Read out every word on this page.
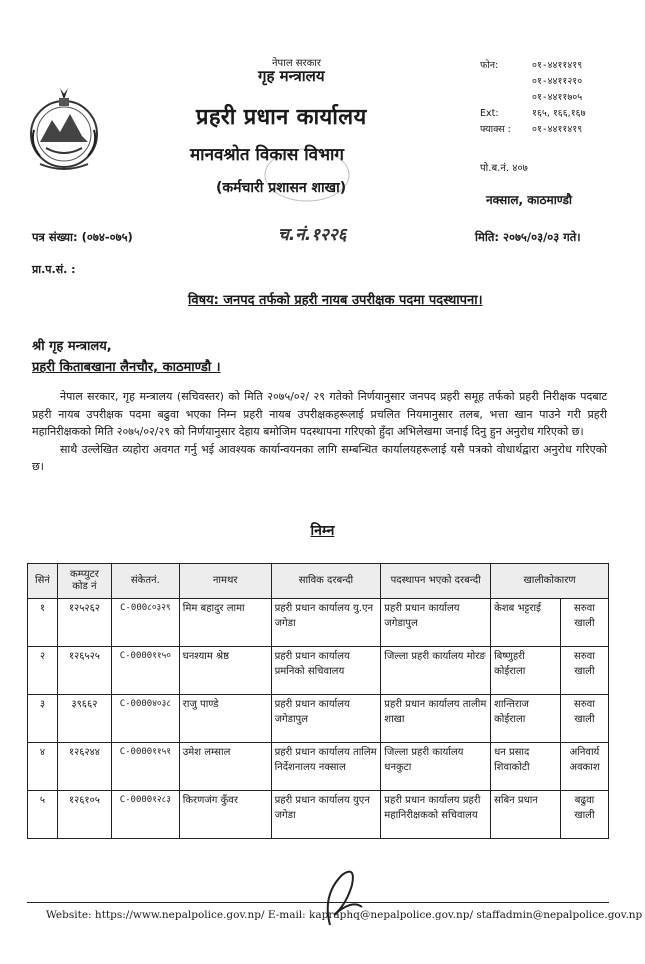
नेपाल सरकार
गृह मन्त्रालय
प्रहरी प्रधान कार्यालय
मानवश्रोत विकास विभाग
(कर्मचारी प्रशासन शाखा)
फोन:	०१-४४११४१९
०१-४४११२१०
०१-४४११७०५
Ext:	१६५, १६६,१६७
फ्याक्स :	०१-४४११४१९
पो.ब.नं. ४०७
नक्साल, काठमाण्डौ
पत्र संख्या: (०७४-०७५)	च.नं.१२२६	मिति: २०७५/०३/०३ गते।
प्रा.प.सं. :
विषय: जनपद तर्फको प्रहरी नायब उपरीक्षक पदमा पदस्थापना।
श्री गृह मन्त्रालय,
प्रहरी किताबखाना लैनचौर, काठमाण्डौ ।

नेपाल सरकार, गृह मन्त्रालय (सचिवस्तर) को मिति २०७५/०२/ २९ गतेको निर्णयानुसार जनपद प्रहरी समूह तर्फको प्रहरी निरीक्षक पदबाट प्रहरी नायब उपरीक्षक पदमा बढुवा भएका निम्न प्रहरी नायब उपरीक्षकहरूलाई प्रचलित नियमानुसार तलब, भत्ता खान पाउने गरी प्रहरी महानिरीक्षकको मिति २०७५/०२/२९ को निर्णयानुसार देहाय बमोजिम पदस्थापना गरिएको हुँदा अभिलेखमा जनाई दिनु हुन अनुरोध गरिएको छ।

साथै उल्लेखित व्यहोरा अवगत गर्नु भई आवश्यक कार्यान्वयनका लागि सम्बन्धित कार्यालयहरूलाई यसै पत्रको वोधार्थद्वारा अनुरोध गरिएको छ।

निम्न
सिनं	कम्प्युटर कोड नं	संकेतनं.	नामथर	साविक दरबन्दी	पदस्थापन भएको दरबन्दी	खालीकोकारण	
१	१२५२६२	C-000८०३२९	मिम बहादुर लामा	प्रहरी प्रधान कार्यालय यु.एन जगेडा	प्रहरी प्रधान कार्यालय जगेडापुल	केशब भट्टराई	सरुवा खाली
२	१२६५२५	C-0000११५०	घनश्याम श्रेष्ठ	प्रहरी प्रधान कार्यालय प्रमनिको सचिवालय	जिल्ला प्रहरी कार्यालय मोरङ	बिष्णुहरी कोईराला	सरुवा खाली
३	३९६६२	C-0000४०३८	राजु पाण्डे	प्रहरी प्रधान कार्यालय जगेडापुल	प्रहरी प्रधान कार्यालय तालीम शाखा	शान्तिराज कोईराला	सरुवा खाली
४	१२६२४४	C-0000११५१	उमेश लम्साल	प्रहरी प्रधान कार्यालय तालिम निर्देशनालय नक्साल	जिल्ला प्रहरी कार्यालय धनकुटा	धन प्रसाद शिवाकोटी	अनिवार्य अवकाश
५	१२६१०५	C-0000१२८३	किरणजंग कुँवर	प्रहरी प्रधान कार्यालय युएन जगेडा	प्रहरी प्रधान कार्यालय प्रहरी महानिरीक्षकको सचिवालय	सबिन प्रधान	बढुवा खाली
Website: https://www.nepalpolice.gov.np/ E-mail: kapraphq@nepalpolice.gov.np/ staffadmin@nepalpolice.gov.np
